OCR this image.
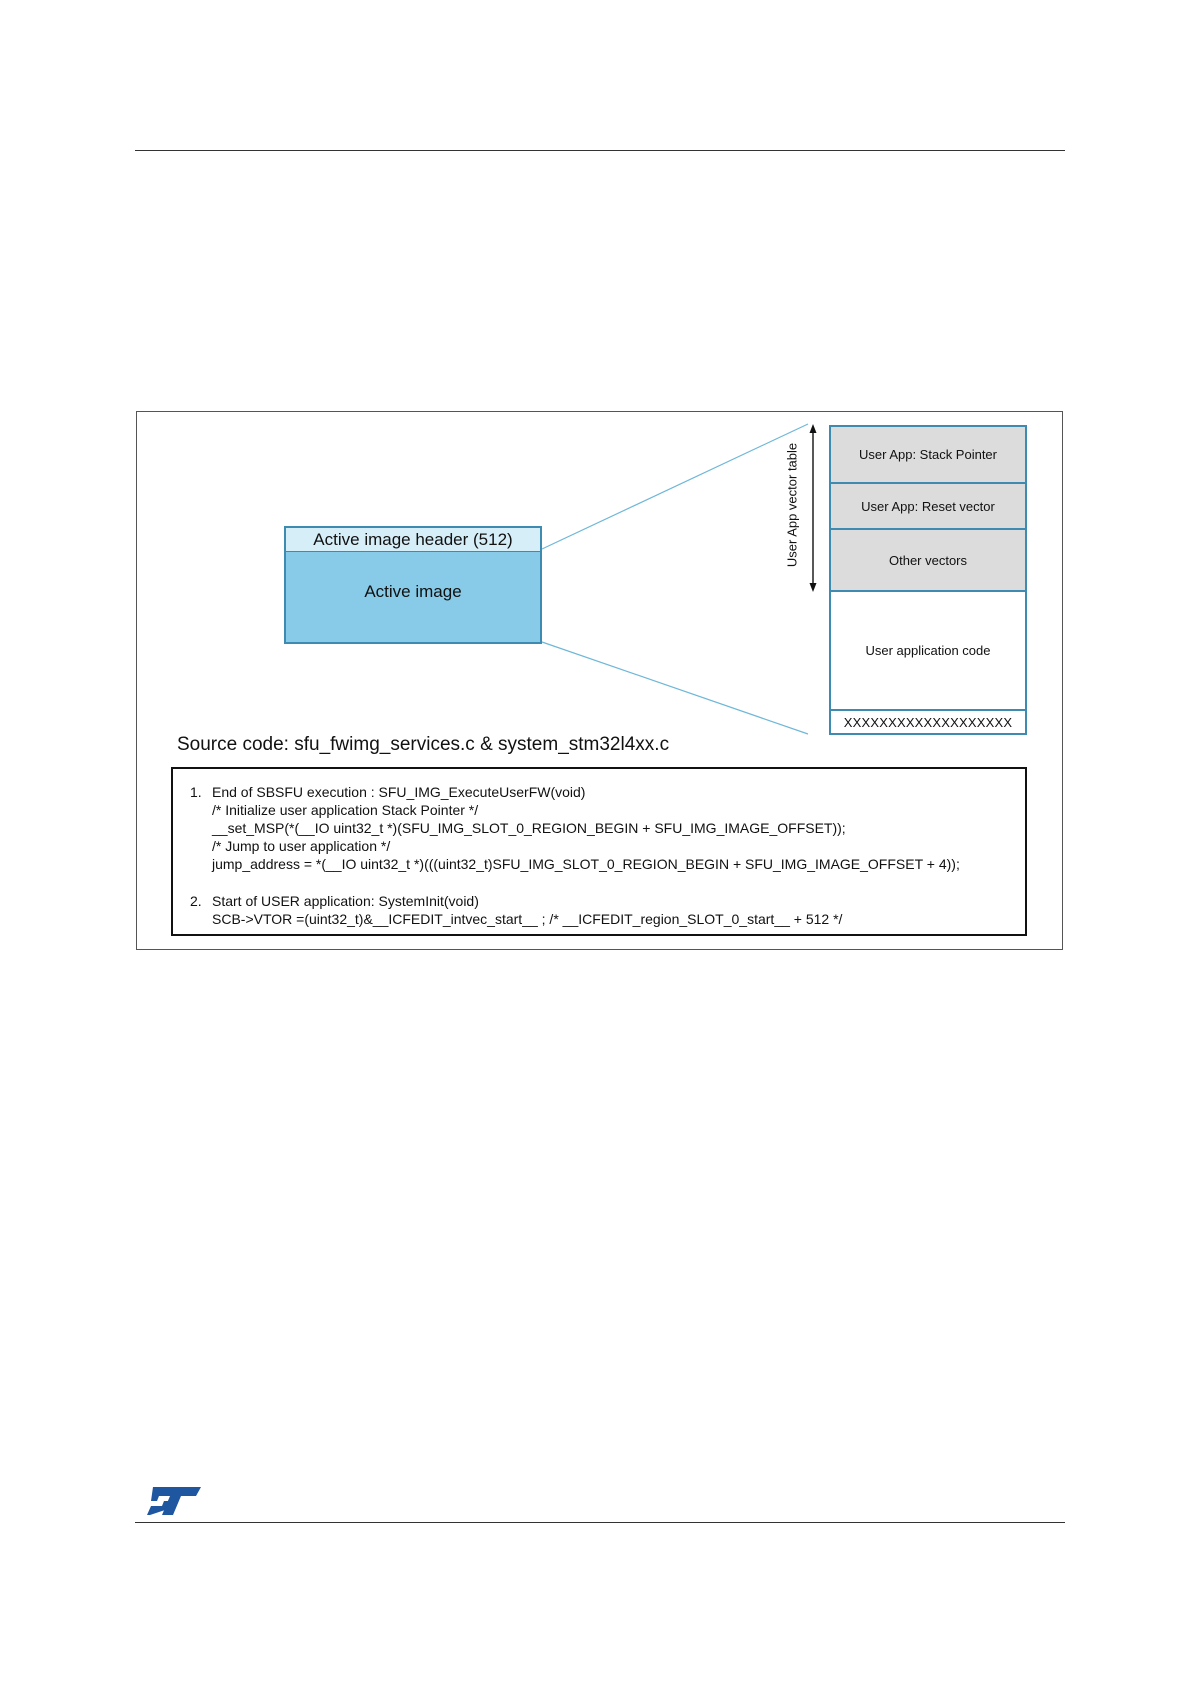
Active image header (512)
Active image
User App vector table	User App: Stack Pointer
User App: Reset vector
Other vectors
User application code
XXXXXXXXXXXXXXXXXXX
Source code: sfu_fwimg_services.c & system_stm32l4xx.c
1. End of SBSFU execution : SFU_IMG_ExecuteUserFW(void)
/* Initialize user application Stack Pointer */
__set_MSP(*(__IO uint32_t *)(SFU_IMG_SLOT_0_REGION_BEGIN + SFU_IMG_IMAGE_OFFSET));
/* Jump to user application */
jump_address = *(__IO uint32_t *)(((uint32_t)SFU_IMG_SLOT_0_REGION_BEGIN + SFU_IMG_IMAGE_OFFSET + 4));
2. Start of USER application: SystemInit(void)
SCB->VTOR =(uint32_t)&__ICFEDIT_intvec_start__ ; /* __ICFEDIT_region_SLOT_0_start__ + 512 */
